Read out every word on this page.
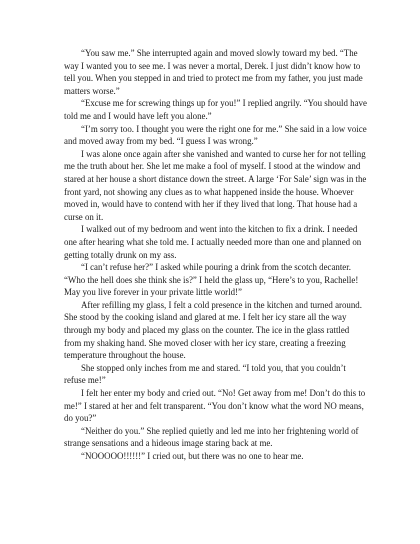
“You saw me.” She interrupted again and moved slowly toward my bed. “The way I wanted you to see me. I was never a mortal, Derek. I just didn’t know how to tell you. When you stepped in and tried to protect me from my father, you just made matters worse.”

“Excuse me for screwing things up for you!” I replied angrily. “You should have told me and I would have left you alone.”

“I’m sorry too. I thought you were the right one for me.” She said in a low voice and moved away from my bed. “I guess I was wrong.”

I was alone once again after she vanished and wanted to curse her for not telling me the truth about her. She let me make a fool of myself. I stood at the window and stared at her house a short distance down the street. A large ‘For Sale’ sign was in the front yard, not showing any clues as to what happened inside the house. Whoever moved in, would have to contend with her if they lived that long. That house had a curse on it.

I walked out of my bedroom and went into the kitchen to fix a drink. I needed one after hearing what she told me. I actually needed more than one and planned on getting totally drunk on my ass.

“I can’t refuse her?” I asked while pouring a drink from the scotch decanter. “Who the hell does she think she is?” I held the glass up, “Here’s to you, Rachelle! May you live forever in your private little world!”

After refilling my glass, I felt a cold presence in the kitchen and turned around. She stood by the cooking island and glared at me. I felt her icy stare all the way through my body and placed my glass on the counter. The ice in the glass rattled from my shaking hand. She moved closer with her icy stare, creating a freezing temperature throughout the house.

She stopped only inches from me and stared. “I told you, that you couldn’t refuse me!”

I felt her enter my body and cried out. “No! Get away from me! Don’t do this to me!” I stared at her and felt transparent. “You don’t know what the word NO means, do you?”

“Neither do you.” She replied quietly and led me into her frightening world of strange sensations and a hideous image staring back at me.

“NOOOOO!!!!!!” I cried out, but there was no one to hear me.
